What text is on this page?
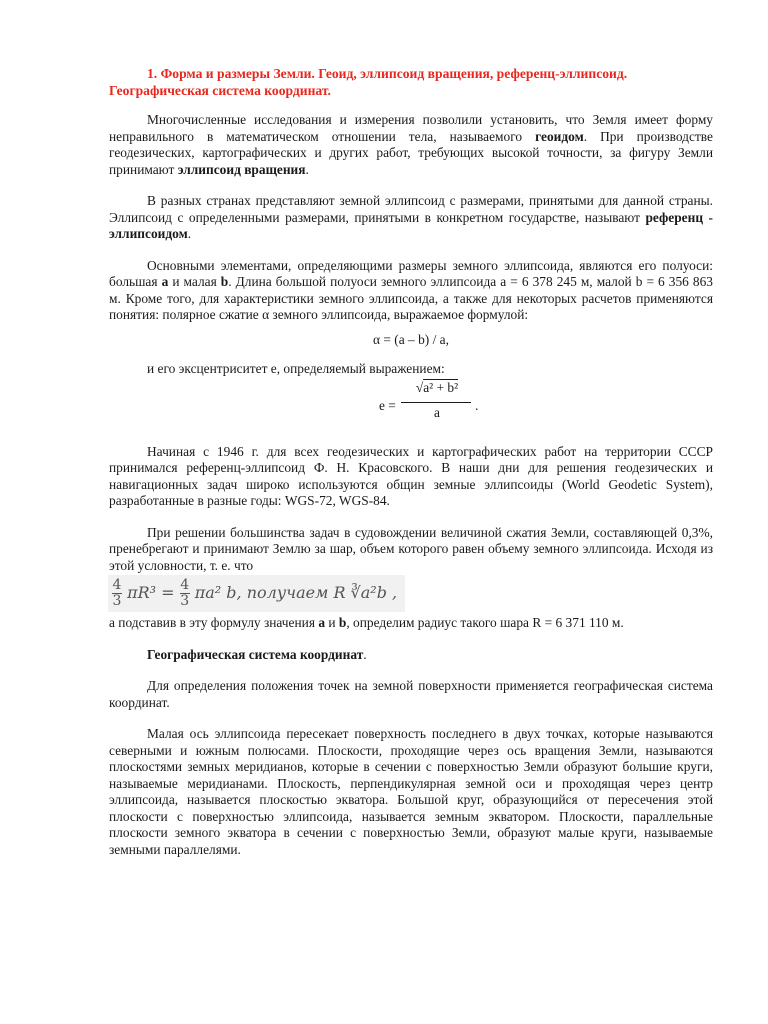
1. Форма и размеры Земли. Геоид, эллипсоид вращения, референц-эллипсоид. Географическая система координат.

Многочисленные исследования и измерения позволили установить, что Земля имеет форму неправильного в математическом отношении тела, называемого геоидом. При производстве геодезических, картографических и других работ, требующих высокой точности, за фигуру Земли принимают эллипсоид вращения.

В разных странах представляют земной эллипсоид с размерами, принятыми для данной страны. Эллипсоид с определенными размерами, принятыми в конкретном государстве, называют референц - эллипсоидом.

Основными элементами, определяющими размеры земного эллипсоида, являются его полуоси: большая а и малая b. Длина большой полуоси земного эллипсоида а = 6 378 245 м, малой b = 6 356 863 м. Кроме того, для характеристики земного эллипсоида, а также для некоторых расчетов применяются понятия: полярное сжатие α земного эллипсоида, выражаемое формулой:

α = (а – b) / а,

и его эксцентриситет е, определяемый выражением:

е =
√a² + b²
a	.

Начиная с 1946 г. для всех геодезических и картографических работ на территории СССР принимался референц-эллипсоид Ф. Н. Красовского. В наши дни для решения геодезических и навигационных задач широко используются общин земные эллипсоиды (World Geodetic System), разработанные в разные годы: WGS-72, WGS-84.

При решении большинства задач в судовождении величиной сжатия Земли, составляющей 0,3%, пренебрегают и принимают Землю за шар, объем которого равен объему земного эллипсоида. Исходя из этой условности, т. е. что

$\frac{4}{3} \pi R^3 = \frac{4}{3} \pi a^2$ b, получаем R ∛a²b ,

а подставив в эту формулу значения а и b, определим радиус такого шара R = 6 371 110 м.

Географическая система координат.

Для определения положения точек на земной поверхности применяется географическая система координат.

Малая ось эллипсоида пересекает поверхность последнего в двух точках, которые называются северными и южным полюсами. Плоскости, проходящие через ось вращения Земли, называются плоскостями земных меридианов, которые в сечении с поверхностью Земли образуют большие круги, называемые меридианами. Плоскость, перпендикулярная земной оси и проходящая через центр эллипсоида, называется плоскостью экватора. Большой круг, образующийся от пересечения этой плоскости с поверхностью эллипсоида, называется земным экватором. Плоскости, параллельные плоскости земного экватора в сечении с поверхностью Земли, образуют малые круги, называемые земными параллелями.
